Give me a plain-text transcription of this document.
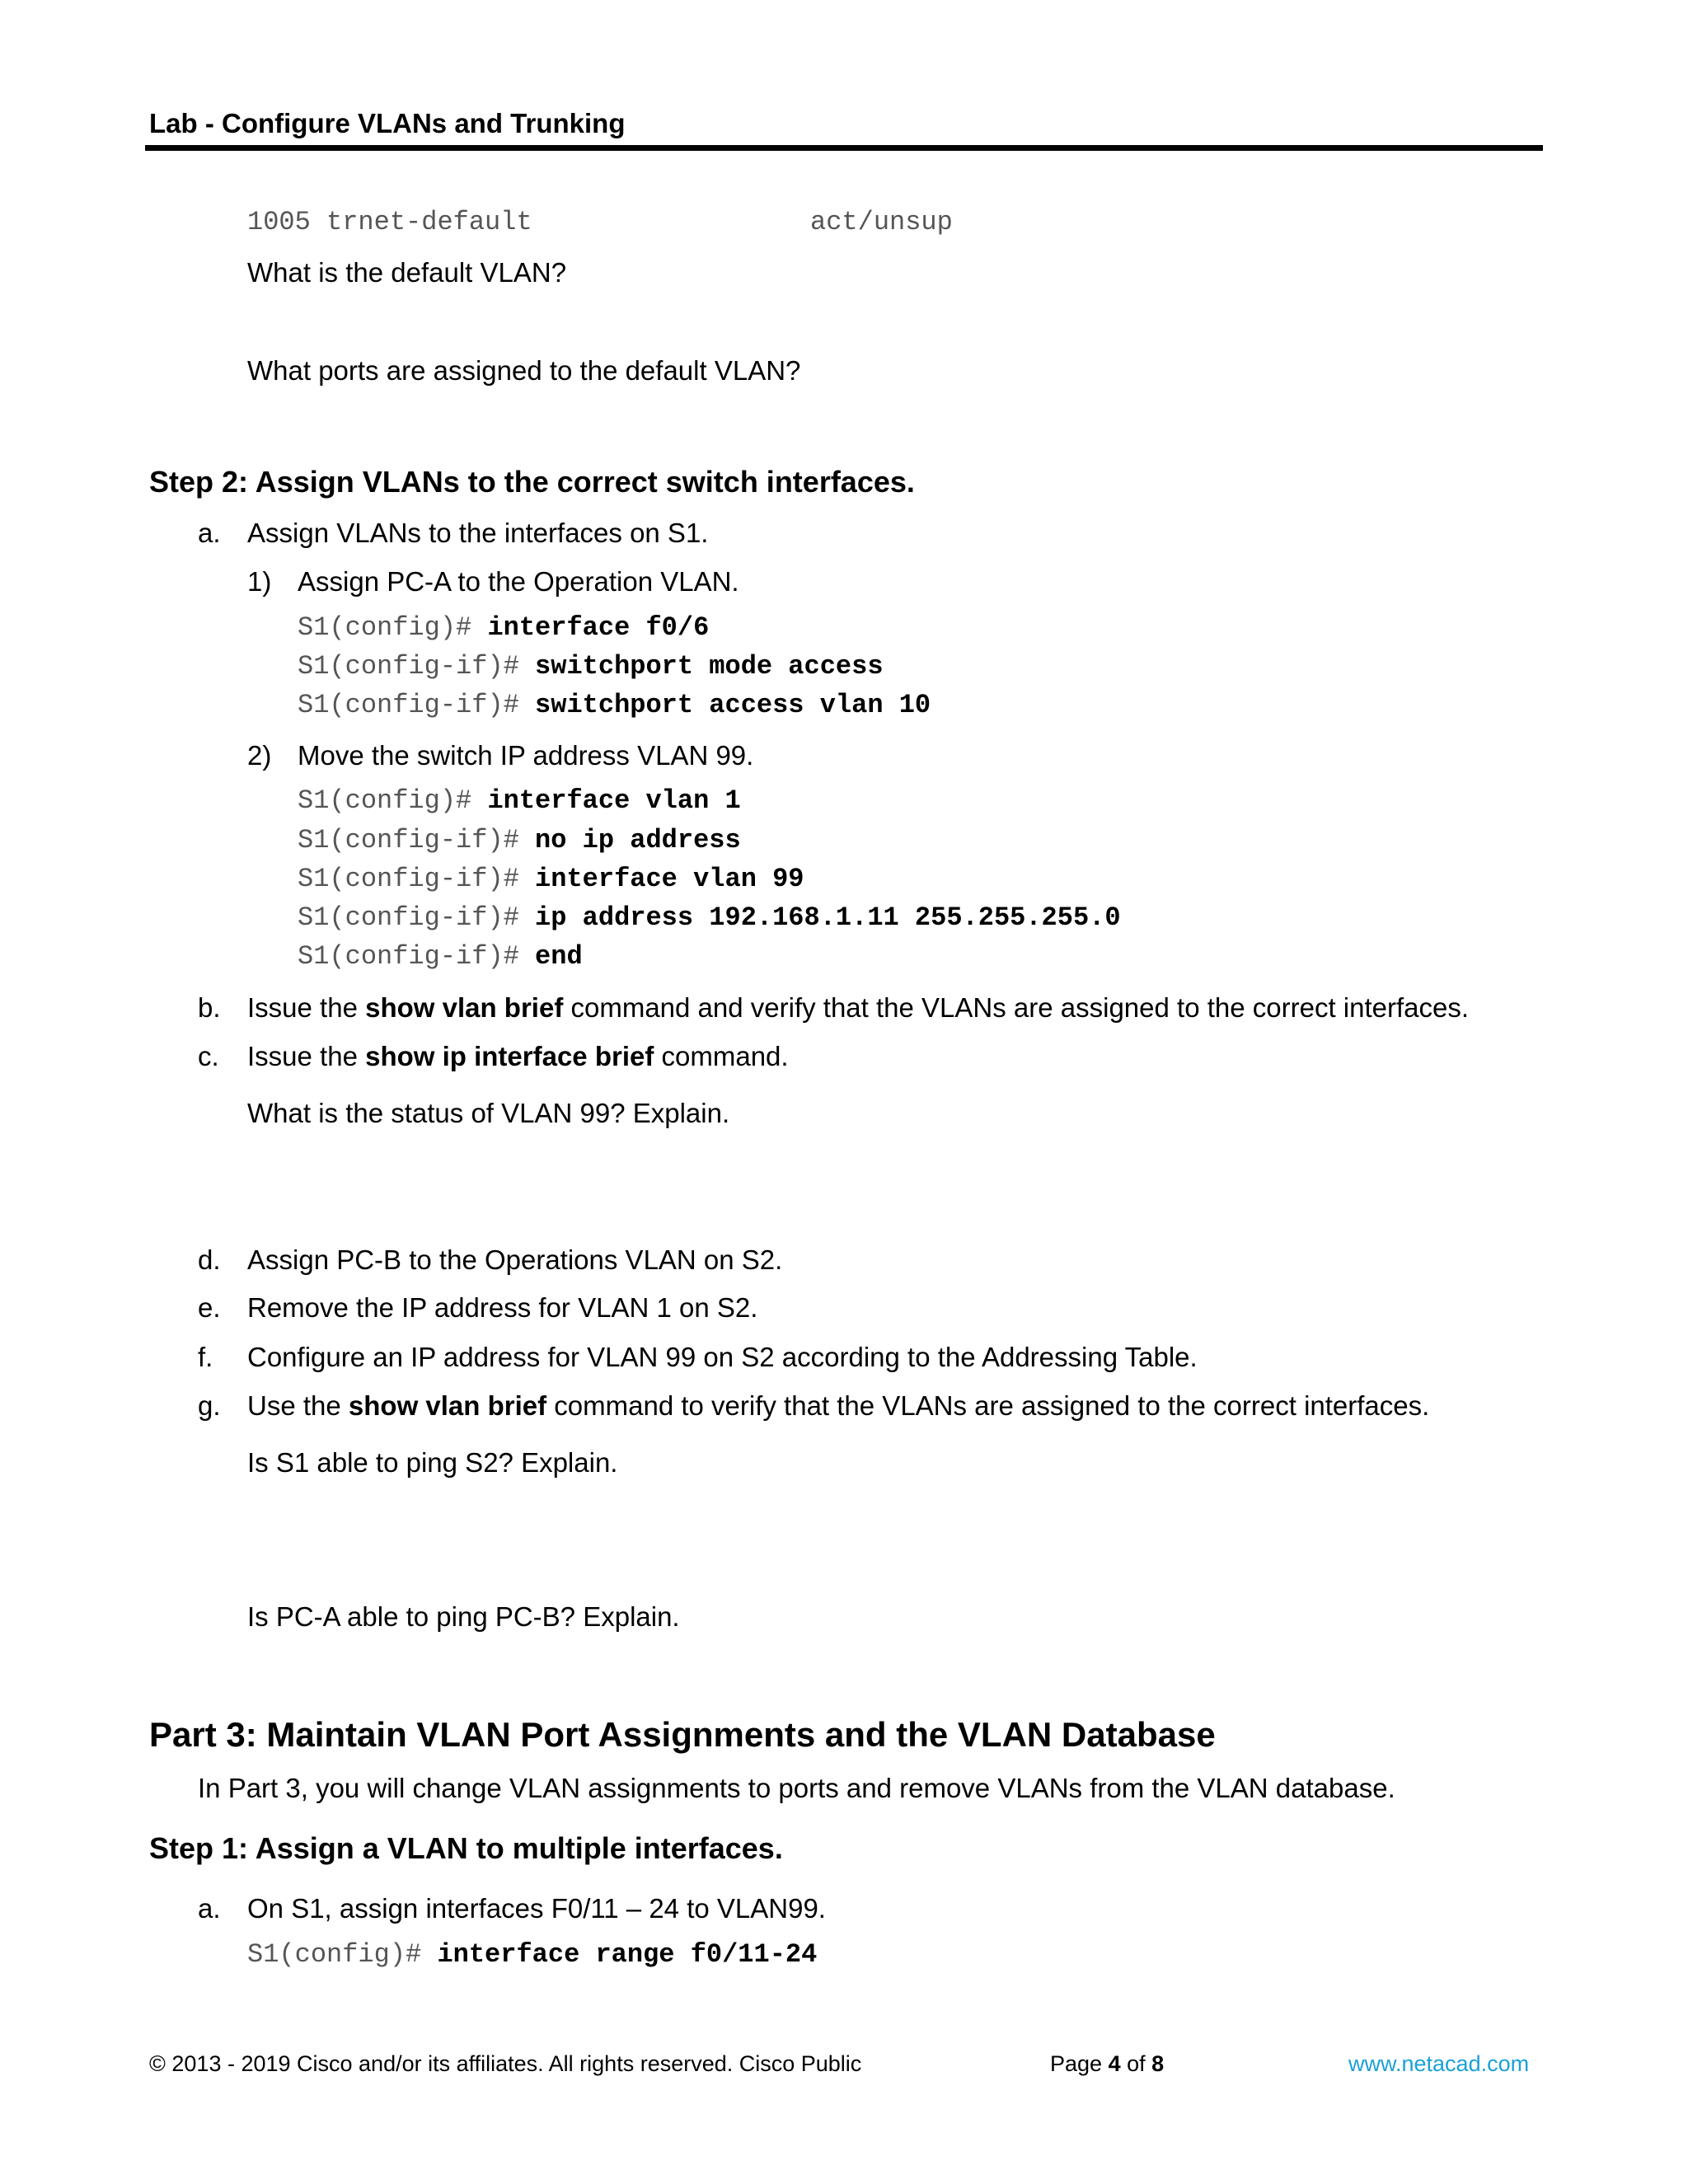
Lab - Configure VLANs and Trunking
1005 trnet-default	act/unsup
What is the default VLAN?
What ports are assigned to the default VLAN?
Step 2: Assign VLANs to the correct switch interfaces.
a. Assign VLANs to the interfaces on S1.
1) Assign PC-A to the Operation VLAN.
S1(config)# interface f0/6
S1(config-if)# switchport mode access
S1(config-if)# switchport access vlan 10
2) Move the switch IP address VLAN 99.
S1(config)# interface vlan 1
S1(config-if)# no ip address
S1(config-if)# interface vlan 99
S1(config-if)# ip address 192.168.1.11 255.255.255.0
S1(config-if)# end
b. Issue the show vlan brief command and verify that the VLANs are assigned to the correct interfaces.
c. Issue the show ip interface brief command.
What is the status of VLAN 99? Explain.
d. Assign PC-B to the Operations VLAN on S2.
e. Remove the IP address for VLAN 1 on S2.
f. Configure an IP address for VLAN 99 on S2 according to the Addressing Table.
g. Use the show vlan brief command to verify that the VLANs are assigned to the correct interfaces.
Is S1 able to ping S2? Explain.
Is PC-A able to ping PC-B? Explain.
Part 3: Maintain VLAN Port Assignments and the VLAN Database
In Part 3, you will change VLAN assignments to ports and remove VLANs from the VLAN database.
Step 1: Assign a VLAN to multiple interfaces.
a. On S1, assign interfaces F0/11 – 24 to VLAN99.
S1(config)# interface range f0/11-24
© 2013 - 2019 Cisco and/or its affiliates. All rights reserved. Cisco Public	Page 4 of 8	www.netacad.com
